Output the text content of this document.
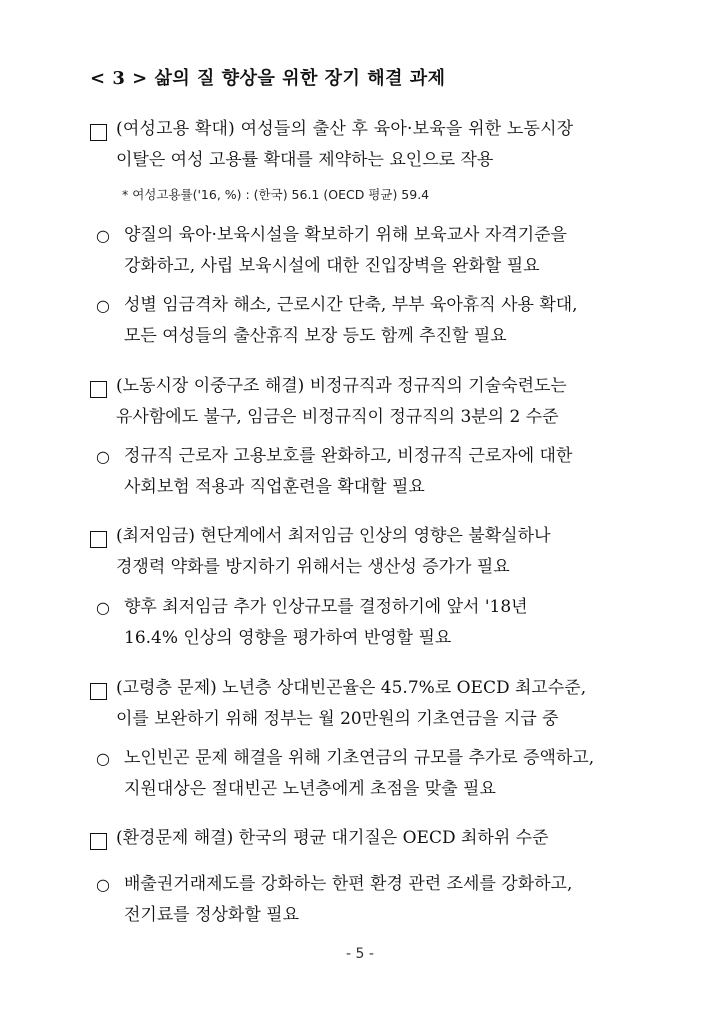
< 3 > 삶의 질 향상을 위한 장기 해결 과제
(여성고용 확대) 여성들의 출산 후 육아·보육을 위한 노동시장
이탈은 여성 고용률 확대를 제약하는 요인으로 작용
* 여성고용률('16, %) : (한국) 56.1 (OECD 평균) 59.4
○ 양질의 육아·보육시설을 확보하기 위해 보육교사 자격기준을
강화하고, 사립 보육시설에 대한 진입장벽을 완화할 필요
○ 성별 임금격차 해소, 근로시간 단축, 부부 육아휴직 사용 확대,
모든 여성들의 출산휴직 보장 등도 함께 추진할 필요
(노동시장 이중구조 해결) 비정규직과 정규직의 기술숙련도는
유사함에도 불구, 임금은 비정규직이 정규직의 3분의 2 수준
○ 정규직 근로자 고용보호를 완화하고, 비정규직 근로자에 대한
사회보험 적용과 직업훈련을 확대할 필요
(최저임금) 현단계에서 최저임금 인상의 영향은 불확실하나
경쟁력 약화를 방지하기 위해서는 생산성 증가가 필요
○ 향후 최저임금 추가 인상규모를 결정하기에 앞서 '18년
16.4% 인상의 영향을 평가하여 반영할 필요
(고령층 문제) 노년층 상대빈곤율은 45.7%로 OECD 최고수준,
이를 보완하기 위해 정부는 월 20만원의 기초연금을 지급 중
○ 노인빈곤 문제 해결을 위해 기초연금의 규모를 추가로 증액하고,
지원대상은 절대빈곤 노년층에게 초점을 맞출 필요
(환경문제 해결) 한국의 평균 대기질은 OECD 최하위 수준
○ 배출권거래제도를 강화하는 한편 환경 관련 조세를 강화하고,
전기료를 정상화할 필요
- 5 -
